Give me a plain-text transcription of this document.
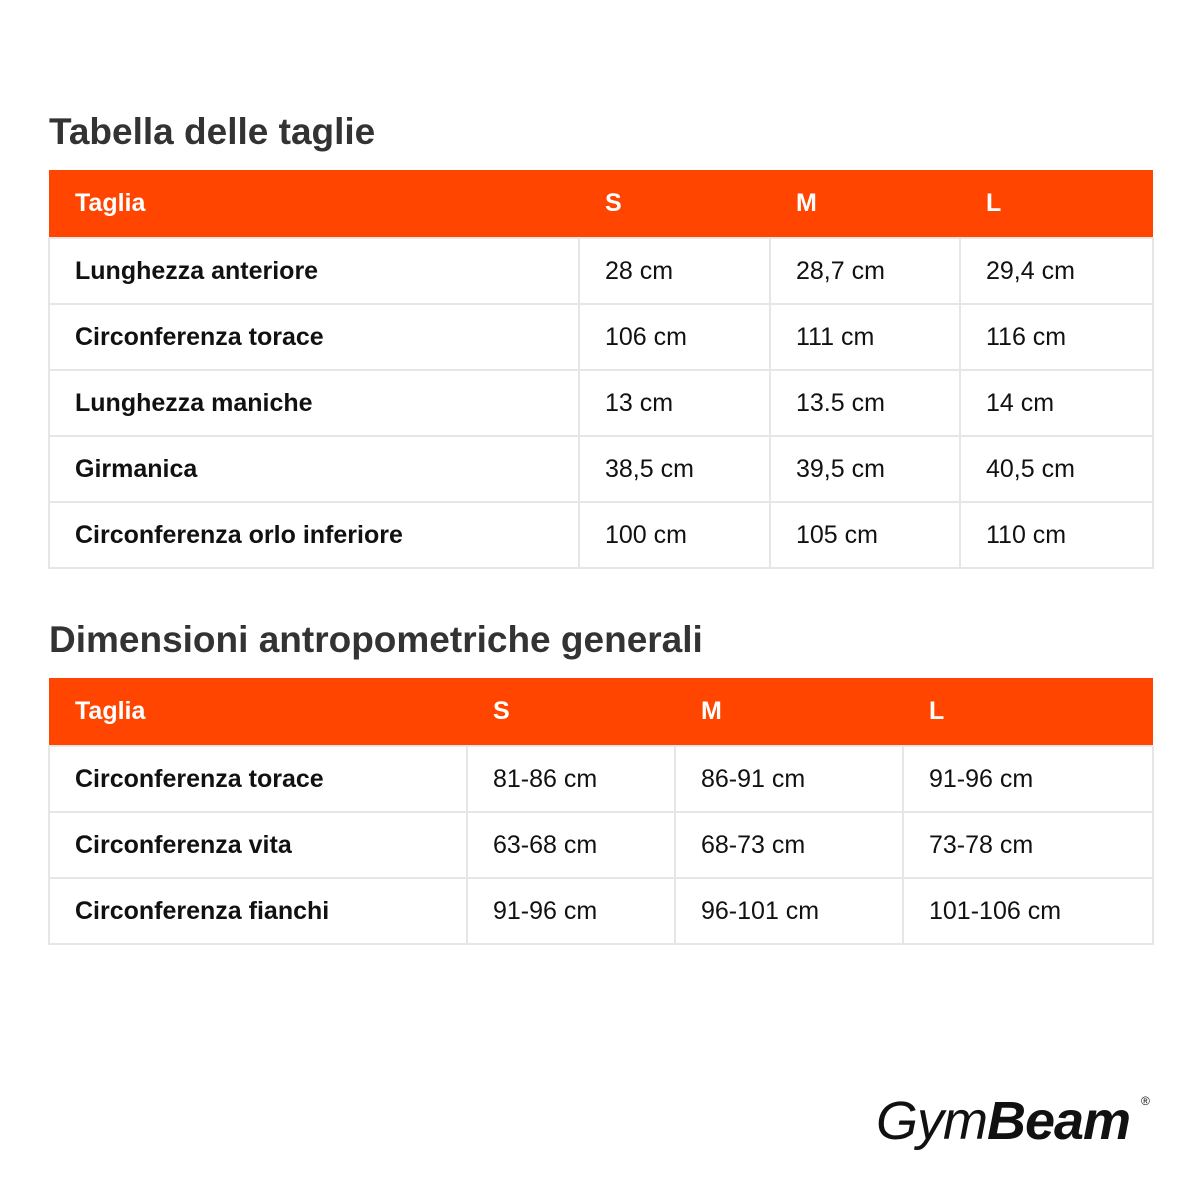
Tabella delle taglie
Taglia	S	M	L
Lunghezza anteriore	28 cm	28,7 cm	29,4 cm
Circonferenza torace	106 cm	111 cm	116 cm
Lunghezza maniche	13 cm	13.5 cm	14 cm
Girmanica	38,5 cm	39,5 cm	40,5 cm
Circonferenza orlo inferiore	100 cm	105 cm	110 cm
Dimensioni antropometriche generali
Taglia	S	M	L
Circonferenza torace	81-86 cm	86-91 cm	91-96 cm
Circonferenza vita	63-68 cm	68-73 cm	73-78 cm
Circonferenza fianchi	91-96 cm	96-101 cm	101-106 cm
GymBeam ®
